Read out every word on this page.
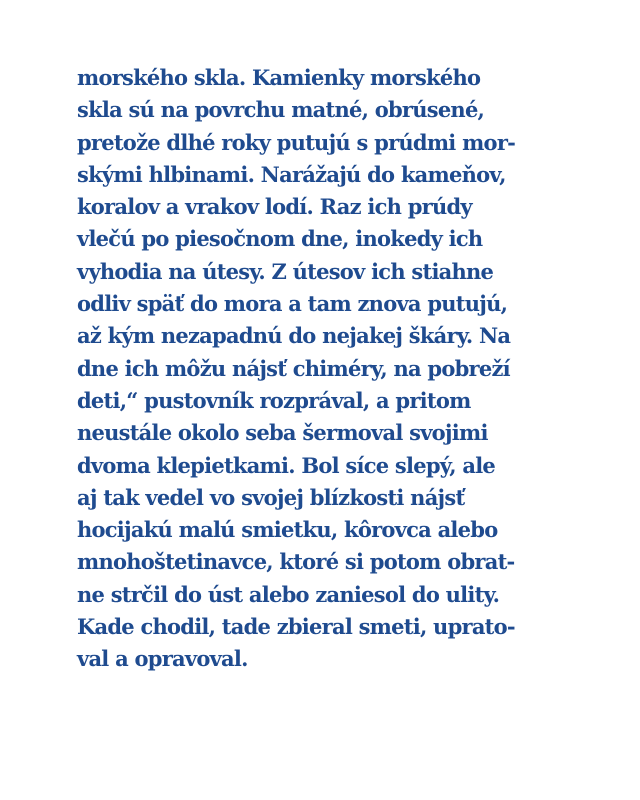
morského skla. Kamienky morského
skla sú na povrchu matné, obrúsené,
pretože dlhé roky putujú s prúdmi mor-
skými hlbinami. Narážajú do kameňov,
koralov a vrakov lodí. Raz ich prúdy
vlečú po piesočnom dne, inokedy ich
vyhodia na útesy. Z útesov ich stiahne
odliv späť do mora a tam znova putujú,
až kým nezapadnú do nejakej škáry. Na
dne ich môžu nájsť chiméry, na pobreží
deti,“ pustovník rozprával, a pritom
neustále okolo seba šermoval svojimi
dvoma klepietkami. Bol síce slepý, ale
aj tak vedel vo svojej blízkosti nájsť
hocijakú malú smietku, kôrovca alebo
mnohoštetinavce, ktoré si potom obrat-
ne strčil do úst alebo zaniesol do ulity.
Kade chodil, tade zbieral smeti, uprato-
val a opravoval.
